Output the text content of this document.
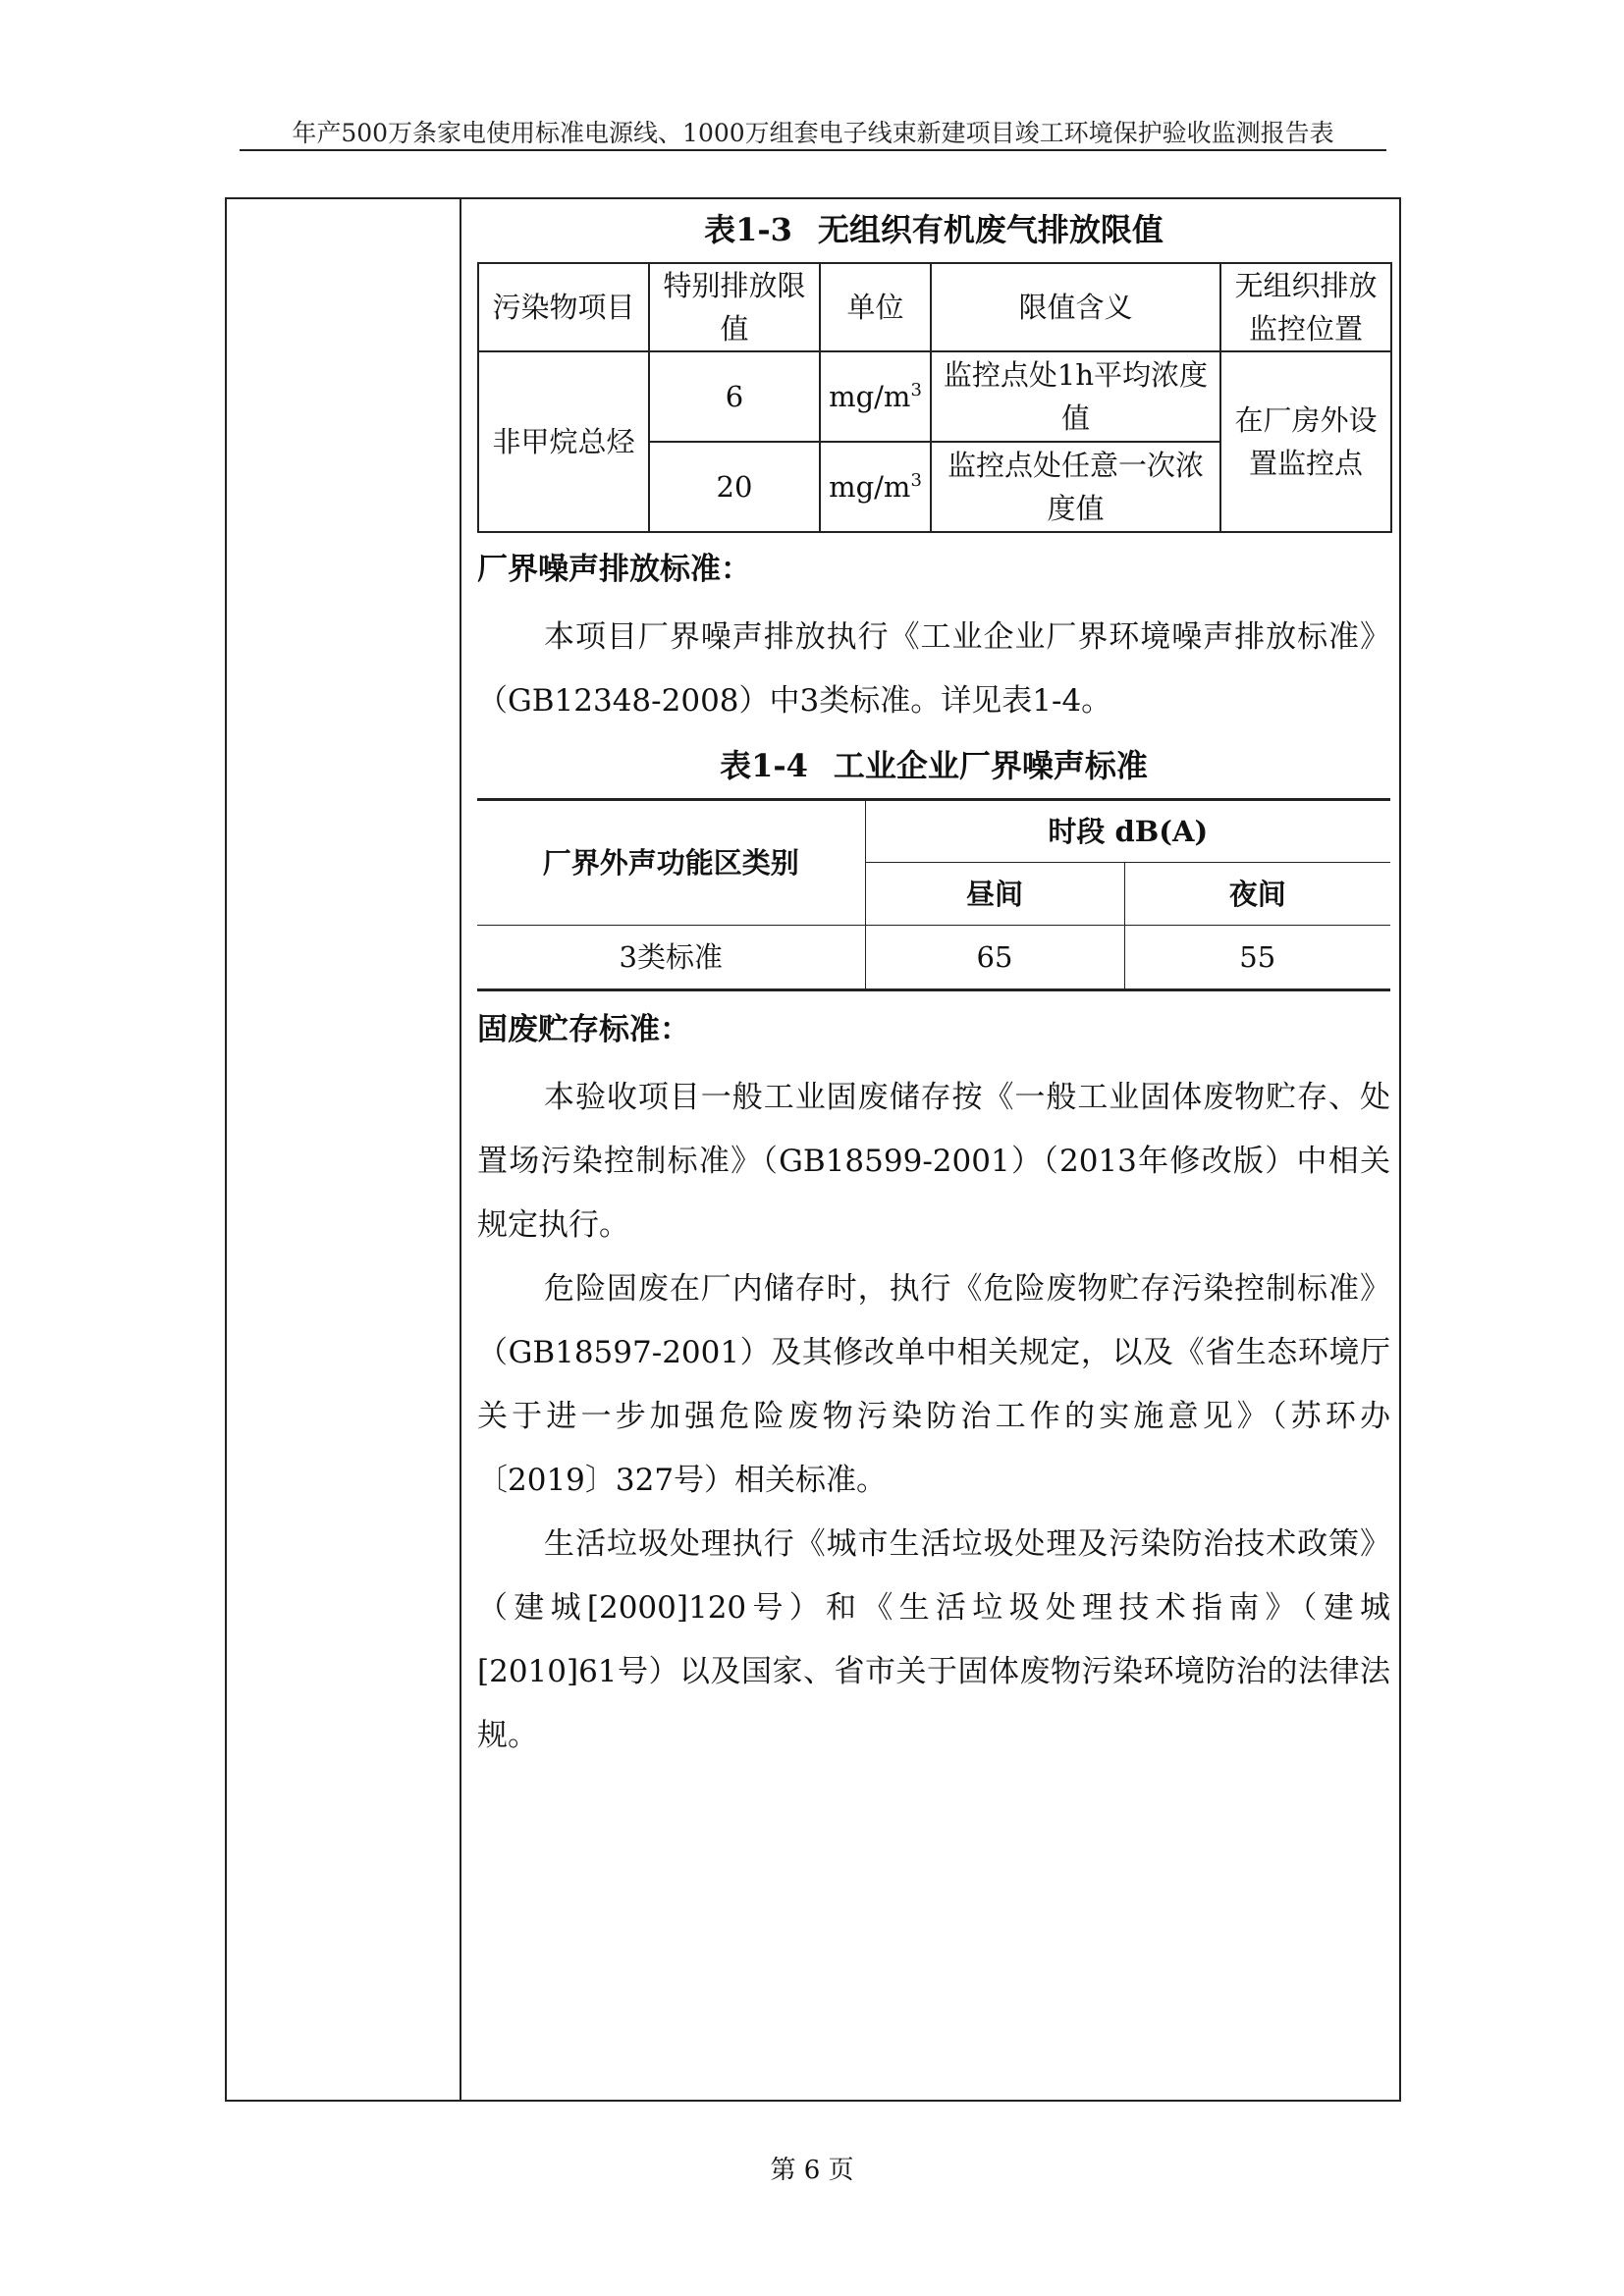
年产500万条家电使用标准电源线、1000万组套电子线束新建项目竣工环境保护验收监测报告表
表1-3 无组织有机废气排放限值
污染物项目	特别排放限值	单位	限值含义	无组织排放监控位置
非甲烷总烃	6	$mg/m^3$	监控点处1h平均浓度值	在厂房外设置监控点
	20	$mg/m^3$	监控点处任意一次浓度值	
厂界噪声排放标准：

本项目厂界噪声排放执行《工业企业厂界环境噪声排放标准》（GB12348-2008）中3类标准。详见表1-4。

表1-4 工业企业厂界噪声标准
厂界外声功能区类别	时段 dB(A)	
	昼间	夜间
3类标准	65	55
固废贮存标准：

本验收项目一般工业固废储存按《一般工业固体废物贮存、处置场污染控制标准》（GB18599-2001）（2013年修改版）中相关规定执行。

危险固废在厂内储存时，执行《危险废物贮存污染控制标准》（GB18597-2001）及其修改单中相关规定，以及《省生态环境厅关于进一步加强危险废物污染防治工作的实施意见》（苏环办〔2019〕327号）相关标准。

生活垃圾处理执行《城市生活垃圾处理及污染防治技术政策》（建城[2000]120号）和《生活垃圾处理技术指南》（建城[2010]61号）以及国家、省市关于固体废物污染环境防治的法律法规。

第 6 页
